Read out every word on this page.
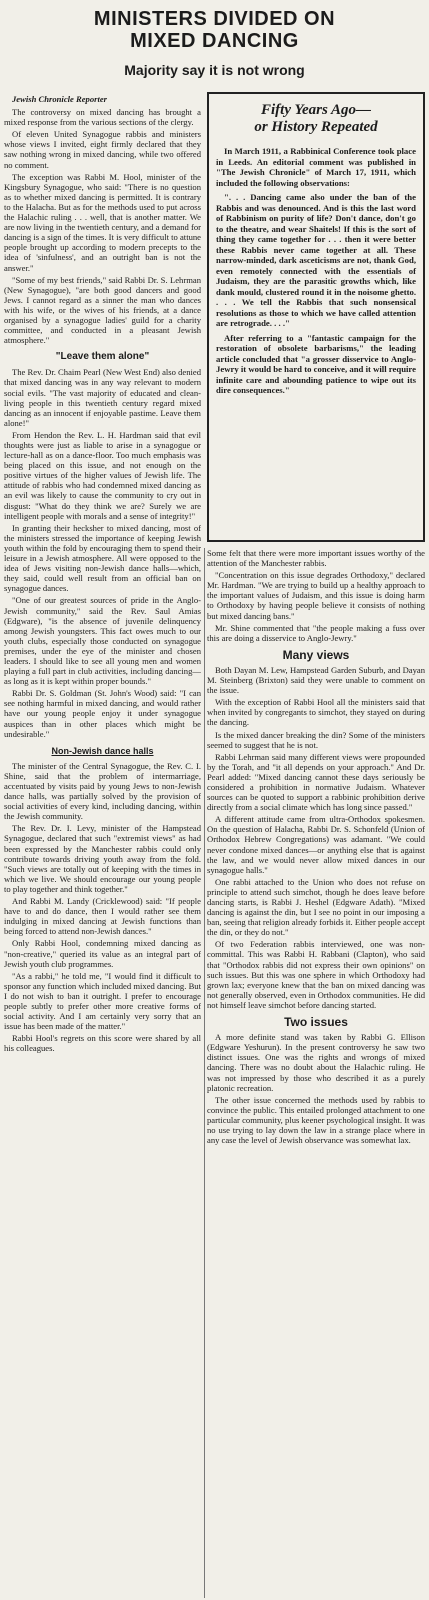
MINISTERS DIVIDED ON
MIXED DANCING
Majority say it is not wrong
Jewish Chronicle Reporter

The controversy on mixed dancing has brought a mixed response from the various sections of the clergy.

Of eleven United Synagogue rabbis and ministers whose views I invited, eight firmly declared that they saw nothing wrong in mixed dancing, while two offered no comment.

The exception was Rabbi M. Hool, minister of the Kingsbury Synagogue, who said: "There is no question as to whether mixed dancing is permitted. It is contrary to the Halacha. But as for the methods used to put across the Halachic ruling . . . well, that is another matter. We are now living in the twentieth century, and a demand for dancing is a sign of the times. It is very difficult to attune people brought up according to modern precepts to the idea of 'sinfulness', and an outright ban is not the answer."

"Some of my best friends," said Rabbi Dr. S. Lehrman (New Synagogue), "are both good dancers and good Jews. I cannot regard as a sinner the man who dances with his wife, or the wives of his friends, at a dance organised by a synagogue ladies' guild for a charity committee, and conducted in a pleasant Jewish atmosphere."

"Leave them alone"

The Rev. Dr. Chaim Pearl (New West End) also denied that mixed dancing was in any way relevant to modern social evils. "The vast majority of educated and clean-living people in this twentieth century regard mixed dancing as an innocent if enjoyable pastime. Leave them alone!"

From Hendon the Rev. L. H. Hardman said that evil thoughts were just as liable to arise in a synagogue or lecture-hall as on a dance-floor. Too much emphasis was being placed on this issue, and not enough on the positive virtues of the higher values of Jewish life. The attitude of rabbis who had condemned mixed dancing as an evil was likely to cause the community to cry out in disgust: "What do they think we are? Surely we are intelligent people with morals and a sense of integrity!"

In granting their hecksher to mixed dancing, most of the ministers stressed the importance of keeping Jewish youth within the fold by encouraging them to spend their leisure in a Jewish atmosphere. All were opposed to the idea of Jews visiting non-Jewish dance halls—which, they said, could well result from an official ban on synagogue dances.

"One of our greatest sources of pride in the Anglo-Jewish community," said the Rev. Saul Amias (Edgware), "is the absence of juvenile delinquency among Jewish youngsters. This fact owes much to our youth clubs, especially those conducted on synagogue premises, under the eye of the minister and chosen leaders. I should like to see all young men and women playing a full part in club activities, including dancing—as long as it is kept within proper bounds."

Rabbi Dr. S. Goldman (St. John's Wood) said: "I can see nothing harmful in mixed dancing, and would rather have our young people enjoy it under synagogue auspices than in other places which might be undesirable."

Non-Jewish dance halls

The minister of the Central Synagogue, the Rev. C. I. Shine, said that the problem of intermarriage, accentuated by visits paid by young Jews to non-Jewish dance halls, was partially solved by the provision of social activities of every kind, including dancing, within the Jewish community.

The Rev. Dr. I. Levy, minister of the Hampstead Synagogue, declared that such "extremist views" as had been expressed by the Manchester rabbis could only contribute towards driving youth away from the fold. "Such views are totally out of keeping with the times in which we live. We should encourage our young people to play together and think together."

And Rabbi M. Landy (Cricklewood) said: "If people have to and do dance, then I would rather see them indulging in mixed dancing at Jewish functions than being forced to attend non-Jewish dances."

Only Rabbi Hool, condemning mixed dancing as "non-creative," queried its value as an integral part of Jewish youth club programmes.

"As a rabbi," he told me, "I would find it difficult to sponsor any function which included mixed dancing. But I do not wish to ban it outright. I prefer to encourage people subtly to prefer other more creative forms of social activity. And I am certainly very sorry that an issue has been made of the matter."

Rabbi Hool's regrets on this score were shared by all his colleagues.

Fifty Years Ago—
or History Repeated

In March 1911, a Rabbinical Conference took place in Leeds. An editorial comment was published in "The Jewish Chronicle" of March 17, 1911, which included the following observations:

". . . Dancing came also under the ban of the Rabbis and was denounced. And is this the last word of Rabbinism on purity of life? Don't dance, don't go to the theatre, and wear Shaitels! If this is the sort of thing they came together for . . . then it were better these Rabbis never came together at all. These narrow-minded, dark asceticisms are not, thank God, even remotely connected with the essentials of Judaism, they are the parasitic growths which, like dank mould, clustered round it in the noisome ghetto. . . . We tell the Rabbis that such nonsensical resolutions as those to which we have called attention are retrograde. . . ."

After referring to a "fantastic campaign for the restoration of obsolete barbarisms," the leading article concluded that "a grosser disservice to Anglo-Jewry it would be hard to conceive, and it will require infinite care and abounding patience to wipe out its dire consequences."

Some felt that there were more important issues worthy of the attention of the Manchester rabbis.

"Concentration on this issue degrades Orthodoxy," declared Mr. Hardman. "We are trying to build up a healthy approach to the important values of Judaism, and this issue is doing harm to Orthodoxy by having people believe it consists of nothing but mixed dancing bans."

Mr. Shine commented that "the people making a fuss over this are doing a disservice to Anglo-Jewry."

Many views

Both Dayan M. Lew, Hampstead Garden Suburb, and Dayan M. Steinberg (Brixton) said they were unable to comment on the issue.

With the exception of Rabbi Hool all the ministers said that when invited by congregants to simchot, they stayed on during the dancing.

Is the mixed dancer breaking the din? Some of the ministers seemed to suggest that he is not.

Rabbi Lehrman said many different views were propounded by the Torah, and "it all depends on your approach." And Dr. Pearl added: "Mixed dancing cannot these days seriously be considered a prohibition in normative Judaism. Whatever sources can be quoted to support a rabbinic prohibition derive directly from a social climate which has long since passed."

A different attitude came from ultra-Orthodox spokesmen. On the question of Halacha, Rabbi Dr. S. Schonfeld (Union of Orthodox Hebrew Congregations) was adamant. "We could never condone mixed dances—or anything else that is against the law, and we would never allow mixed dances in our synagogue halls."

One rabbi attached to the Union who does not refuse on principle to attend such simchot, though he does leave before dancing starts, is Rabbi J. Heshel (Edgware Adath). "Mixed dancing is against the din, but I see no point in our imposing a ban, seeing that religion already forbids it. Either people accept the din, or they do not."

Of two Federation rabbis interviewed, one was non-committal. This was Rabbi H. Rabbani (Clapton), who said that "Orthodox rabbis did not express their own opinions" on such issues. But this was one sphere in which Orthodoxy had grown lax; everyone knew that the ban on mixed dancing was not generally observed, even in Orthodox communities. He did not himself leave simchot before dancing started.

Two issues

A more definite stand was taken by Rabbi G. Ellison (Edgware Yeshurun). In the present controversy he saw two distinct issues. One was the rights and wrongs of mixed dancing. There was no doubt about the Halachic ruling. He was not impressed by those who described it as a purely platonic recreation.

The other issue concerned the methods used by rabbis to convince the public. This entailed prolonged attachment to one particular community, plus keener psychological insight. It was no use trying to lay down the law in a strange place where in any case the level of Jewish observance was somewhat lax.
